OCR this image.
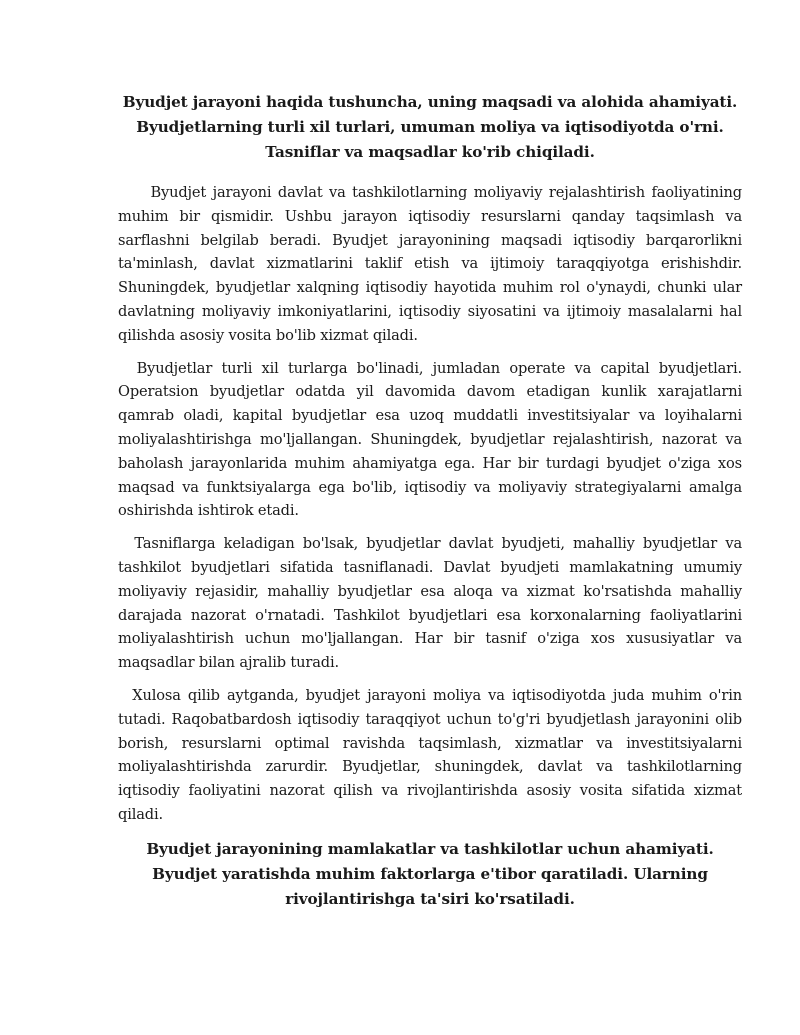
Byudjet jarayoni haqida tushuncha, uning maqsadi va alohida ahamiyati.
Byudjetlarning turli xil turlari, umuman moliya va iqtisodiyotda o'rni.
Tasniflar va maqsadlar ko'rib chiqiladi.

Byudjet jarayoni davlat va tashkilotlarning moliyaviy rejalashtirish faoliyatining muhim bir qismidir. Ushbu jarayon iqtisodiy resurslarni qanday taqsimlash va sarflashni belgilab beradi. Byudjet jarayonining maqsadi iqtisodiy barqarorlikni ta'minlash, davlat xizmatlarini taklif etish va ijtimoiy taraqqiyotga erishishdir. Shuningdek, byudjetlar xalqning iqtisodiy hayotida muhim rol o'ynaydi, chunki ular davlatning moliyaviy imkoniyatlarini, iqtisodiy siyosatini va ijtimoiy masalalarni hal qilishda asosiy vosita bo'lib xizmat qiladi.

Byudjetlar turli xil turlarga bo'linadi, jumladan operate va capital byudjetlari. Operatsion byudjetlar odatda yil davomida davom etadigan kunlik xarajatlarni qamrab oladi, kapital byudjetlar esa uzoq muddatli investitsiyalar va loyihalarni moliyalashtirishga mo'ljallangan. Shuningdek, byudjetlar rejalashtirish, nazorat va baholash jarayonlarida muhim ahamiyatga ega. Har bir turdagi byudjet o'ziga xos maqsad va funktsiyalarga ega bo'lib, iqtisodiy va moliyaviy strategiyalarni amalga oshirishda ishtirok etadi.

Tasniflarga keladigan bo'lsak, byudjetlar davlat byudjeti, mahalliy byudjetlar va tashkilot byudjetlari sifatida tasniflanadi. Davlat byudjeti mamlakatning umumiy moliyaviy rejasidir, mahalliy byudjetlar esa aloqa va xizmat ko'rsatishda mahalliy darajada nazorat o'rnatadi. Tashkilot byudjetlari esa korxonalarning faoliyatlarini moliyalashtirish uchun mo'ljallangan. Har bir tasnif o'ziga xos xususiyatlar va maqsadlar bilan ajralib turadi.

Xulosa qilib aytganda, byudjet jarayoni moliya va iqtisodiyotda juda muhim o'rin tutadi. Raqobatbardosh iqtisodiy taraqqiyot uchun to'g'ri byudjetlash jarayonini olib borish, resurslarni optimal ravishda taqsimlash, xizmatlar va investitsiyalarni moliyalashtirishda zarurdir. Byudjetlar, shuningdek, davlat va tashkilotlarning iqtisodiy faoliyatini nazorat qilish va rivojlantirishda asosiy vosita sifatida xizmat qiladi.

Byudjet jarayonining mamlakatlar va tashkilotlar uchun ahamiyati.
Byudjet yaratishda muhim faktorlarga e'tibor qaratiladi. Ularning
rivojlantirishga ta'siri ko'rsatiladi.
